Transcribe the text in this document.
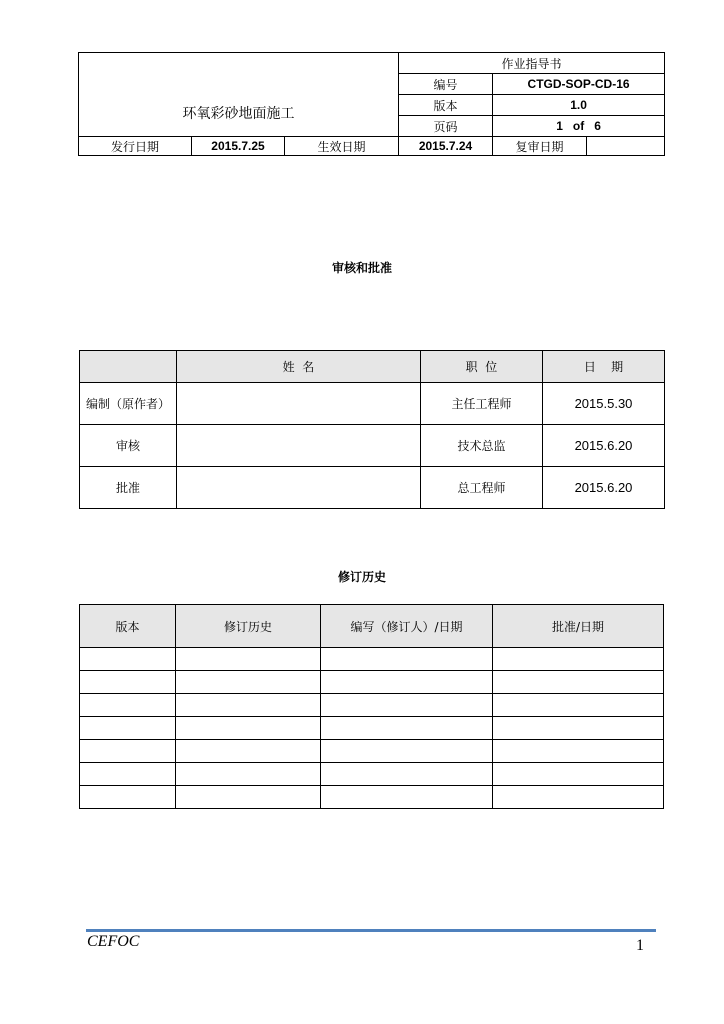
环氧彩砂地面施工			作业指导书		
			编号	CTGD-SOP-CD-16	
			版本	1.0	
			页码	1   of   6	
发行日期	2015.7.25	生效日期	2015.7.24	复审日期	
审核和批准
	姓  名	职  位	日    期
编制（原作者）		主任工程师	2015.5.30
审核		技术总监	2015.6.20
批准		总工程师	2015.6.20
修订历史
版本	修订历史	编写（修订人）/日期	批准/日期

CEFOC	1
